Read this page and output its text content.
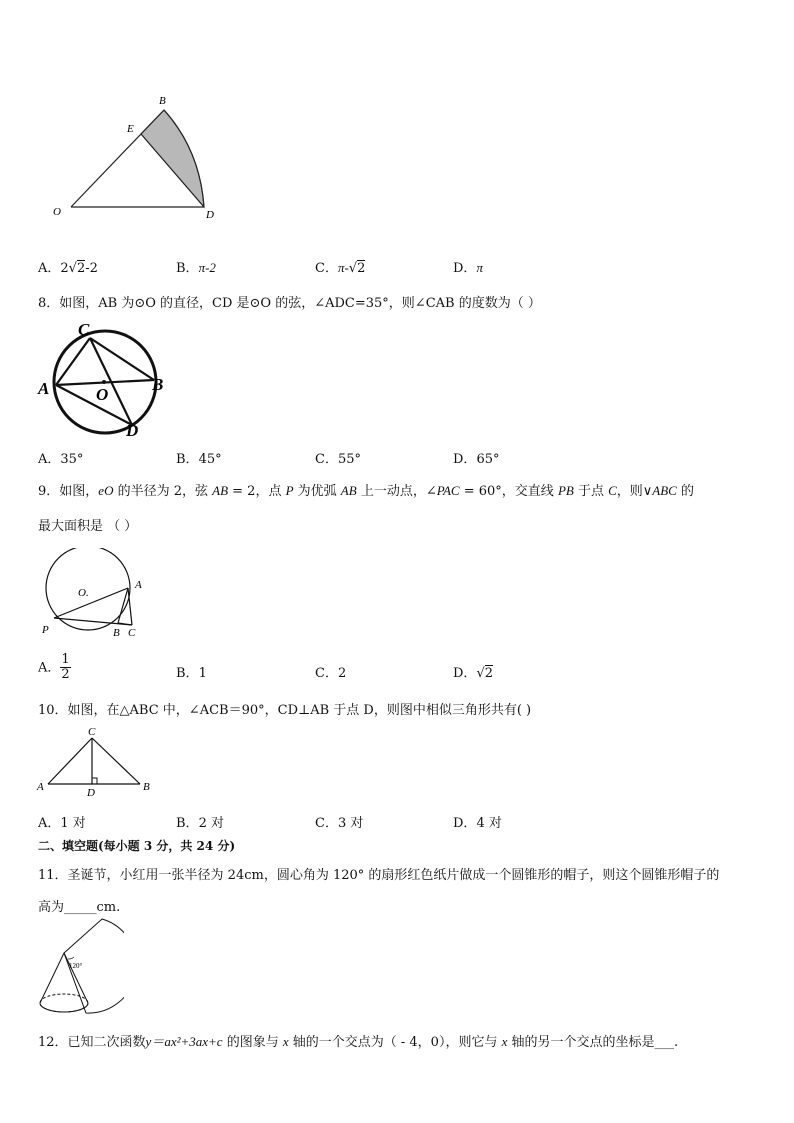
B
E
O	D
A．2√2-2	B．π-2	C．π-√2	D．π
8．如图，AB 为⊙O 的直径，CD 是⊙O 的弦，∠ADC=35°，则∠CAB 的度数为（ ）
C
A	O
B
D
A．35°	B．45°	C．55°	D．65°
9．如图，eO 的半径为 2，弦 AB = 2，点 P 为优弧 AB 上一动点，∠PAC = 60°，交直线 PB 于点 C，则∨ABC 的
最大面积是 （ ）
O.
A
P	B C
A． $\frac{1}{2}$	B．1	C．2	D．√2
10．如图，在△ABC 中，∠ACB＝90°，CD⊥AB 于点 D，则图中相似三角形共有( )
C
A	D	B
A．1 对	B．2 对	C．3 对	D．4 对
二、填空题(每小题 3 分，共 24 分)
11．圣诞节，小红用一张半径为 24cm，圆心角为 120° 的扇形红色纸片做成一个圆锥形的帽子，则这个圆锥形帽子的
高为_____cm.
120°
12．已知二次函数y＝ax²+3ax+c 的图象与 x 轴的一个交点为（ - 4，0），则它与 x 轴的另一个交点的坐标是___.
